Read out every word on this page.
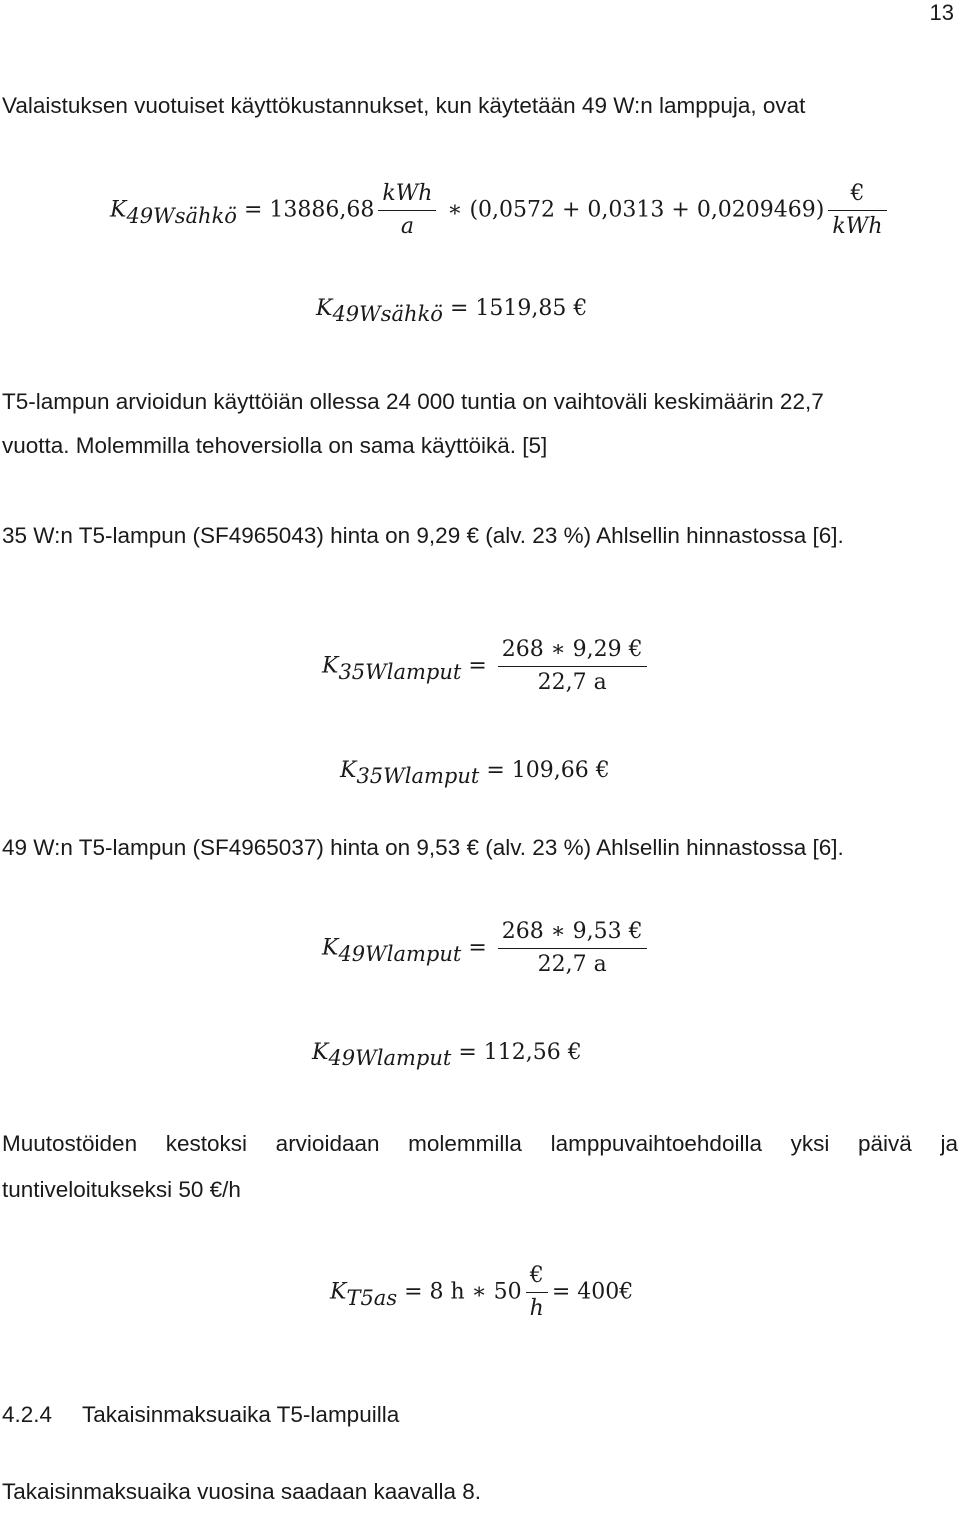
13

Valaistuksen vuotuiset käyttökustannukset, kun käytetään 49 W:n lamppuja, ovat

K49Wsähkö = $13886,68 \frac{\text{kWh}}{a}$ ∗ $(0,0572 + 0,0313 + 0,0209469) \frac{€}{\text{kWh}}$
K49Wsähkö = 1519,85 €

T5-lampun arvioidun käyttöiän ollessa 24 000 tuntia on vaihtoväli keskimäärin 22,7
vuotta. Molemmilla tehoversiolla on sama käyttöikä. [5]

35 W:n T5-lampun (SF4965043) hinta on 9,29 € (alv. 23 %) Ahlsellin hinnastossa [6].

K35Wlamput = $\frac{268 ∗ 9,29 €}{22,7 a}$
K35Wlamput = 109,66 €

49 W:n T5-lampun (SF4965037) hinta on 9,53 € (alv. 23 %) Ahlsellin hinnastossa [6].

K49Wlamput = $\frac{268 ∗ 9,53 €}{22,7 a}$
K49Wlamput = 112,56 €

Muutostöiden kestoksi arvioidaan molemmilla lamppuvaihtoehdoilla yksi päivä ja

tuntiveloitukseksi 50 €/h

KT5as = 8 h ∗ $50 \frac{€}{h}$ = 400€
4.2.4 Takaisinmaksuaika T5-lampuilla

Takaisinmaksuaika vuosina saadaan kaavalla 8.
